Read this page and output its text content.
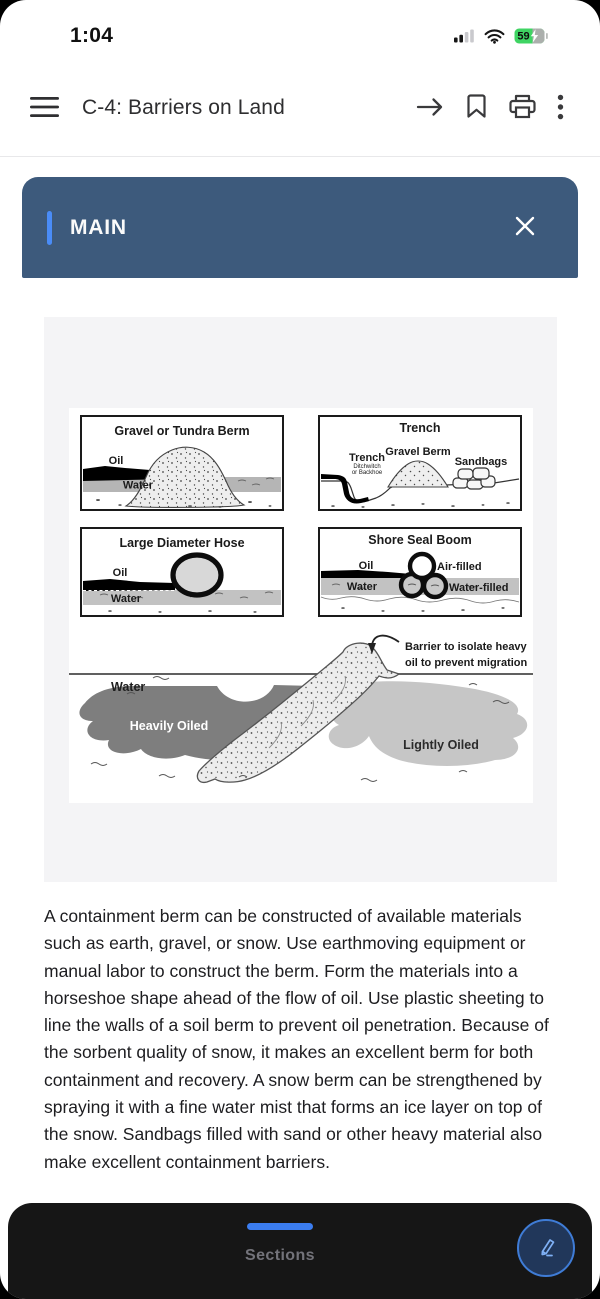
1:04	59
C-4: Barriers on Land
MAIN
Gravel or Tundra Berm
Oil
Water
Trench
Gravel Berm
Trench
Ditchwitch
or Backhoe
Sandbags
Large Diameter Hose
Oil
Water
Shore Seal Boom
Oil
Water
Air-filled
Water-filled
Water
Heavily Oiled
Lightly Oiled
Barrier to isolate heavy
oil to prevent migration

A containment berm can be constructed of available materials such as earth, gravel, or snow. Use earthmoving equipment or manual labor to construct the berm. Form the materials into a horseshoe shape ahead of the flow of oil. Use plastic sheeting to line the walls of a soil berm to prevent oil penetration. Because of the sorbent quality of snow, it makes an excellent berm for both containment and recovery. A snow berm can be strengthened by spraying it with a fine water mist that forms an ice layer on top of the snow. Sandbags filled with sand or other heavy material also make excellent containment barriers.

Sections
